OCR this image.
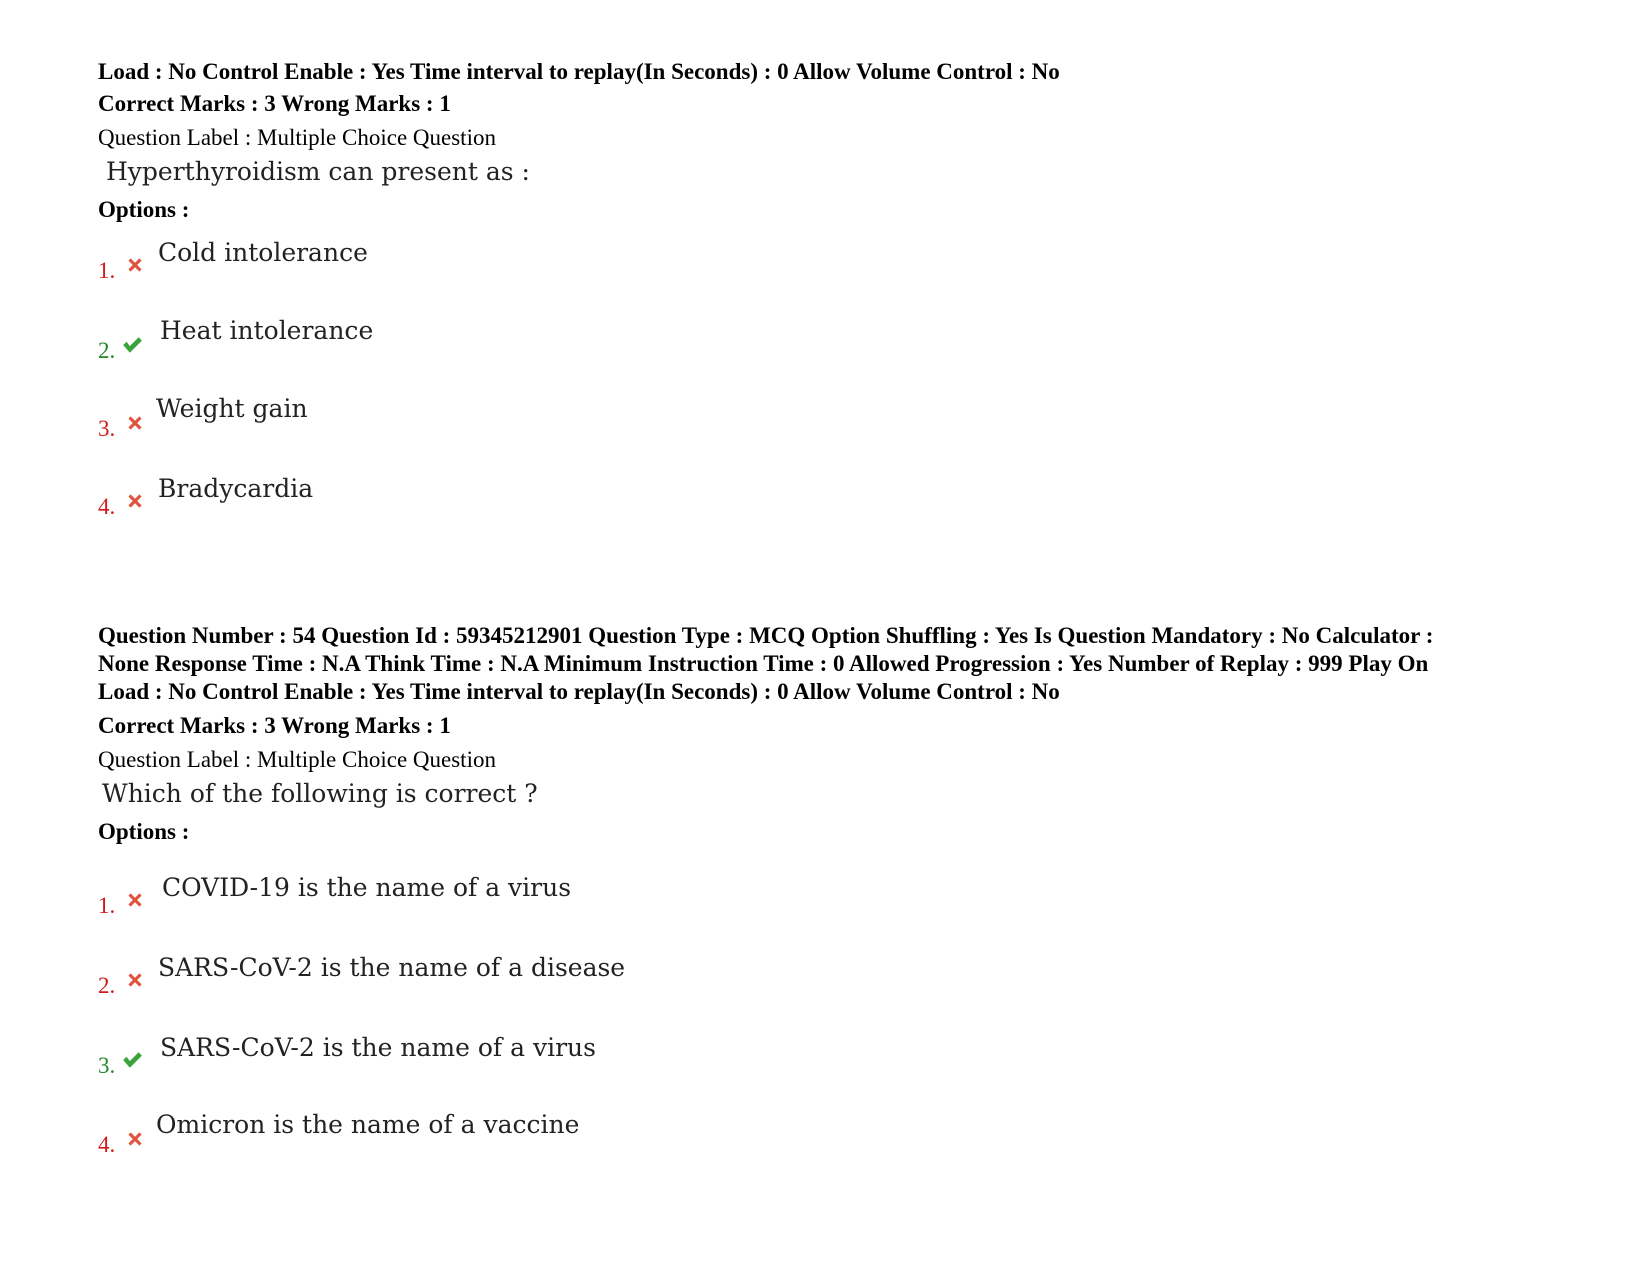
Load : No Control Enable : Yes Time interval to replay(In Seconds) : 0 Allow Volume Control : No
Correct Marks : 3 Wrong Marks : 1
Question Label : Multiple Choice Question
Hyperthyroidism can present as :
Options :
1.
Cold intolerance
2.
Heat intolerance
3.
Weight gain
4.
Bradycardia
Question Number : 54 Question Id : 59345212901 Question Type : MCQ Option Shuffling : Yes Is Question Mandatory : No Calculator :
None Response Time : N.A Think Time : N.A Minimum Instruction Time : 0 Allowed Progression : Yes Number of Replay : 999 Play On
Load : No Control Enable : Yes Time interval to replay(In Seconds) : 0 Allow Volume Control : No
Correct Marks : 3 Wrong Marks : 1
Question Label : Multiple Choice Question
Which of the following is correct ?
Options :
1.
COVID-19 is the name of a virus
2.
SARS-CoV-2 is the name of a disease
3.
SARS-CoV-2 is the name of a virus
4.
Omicron is the name of a vaccine
